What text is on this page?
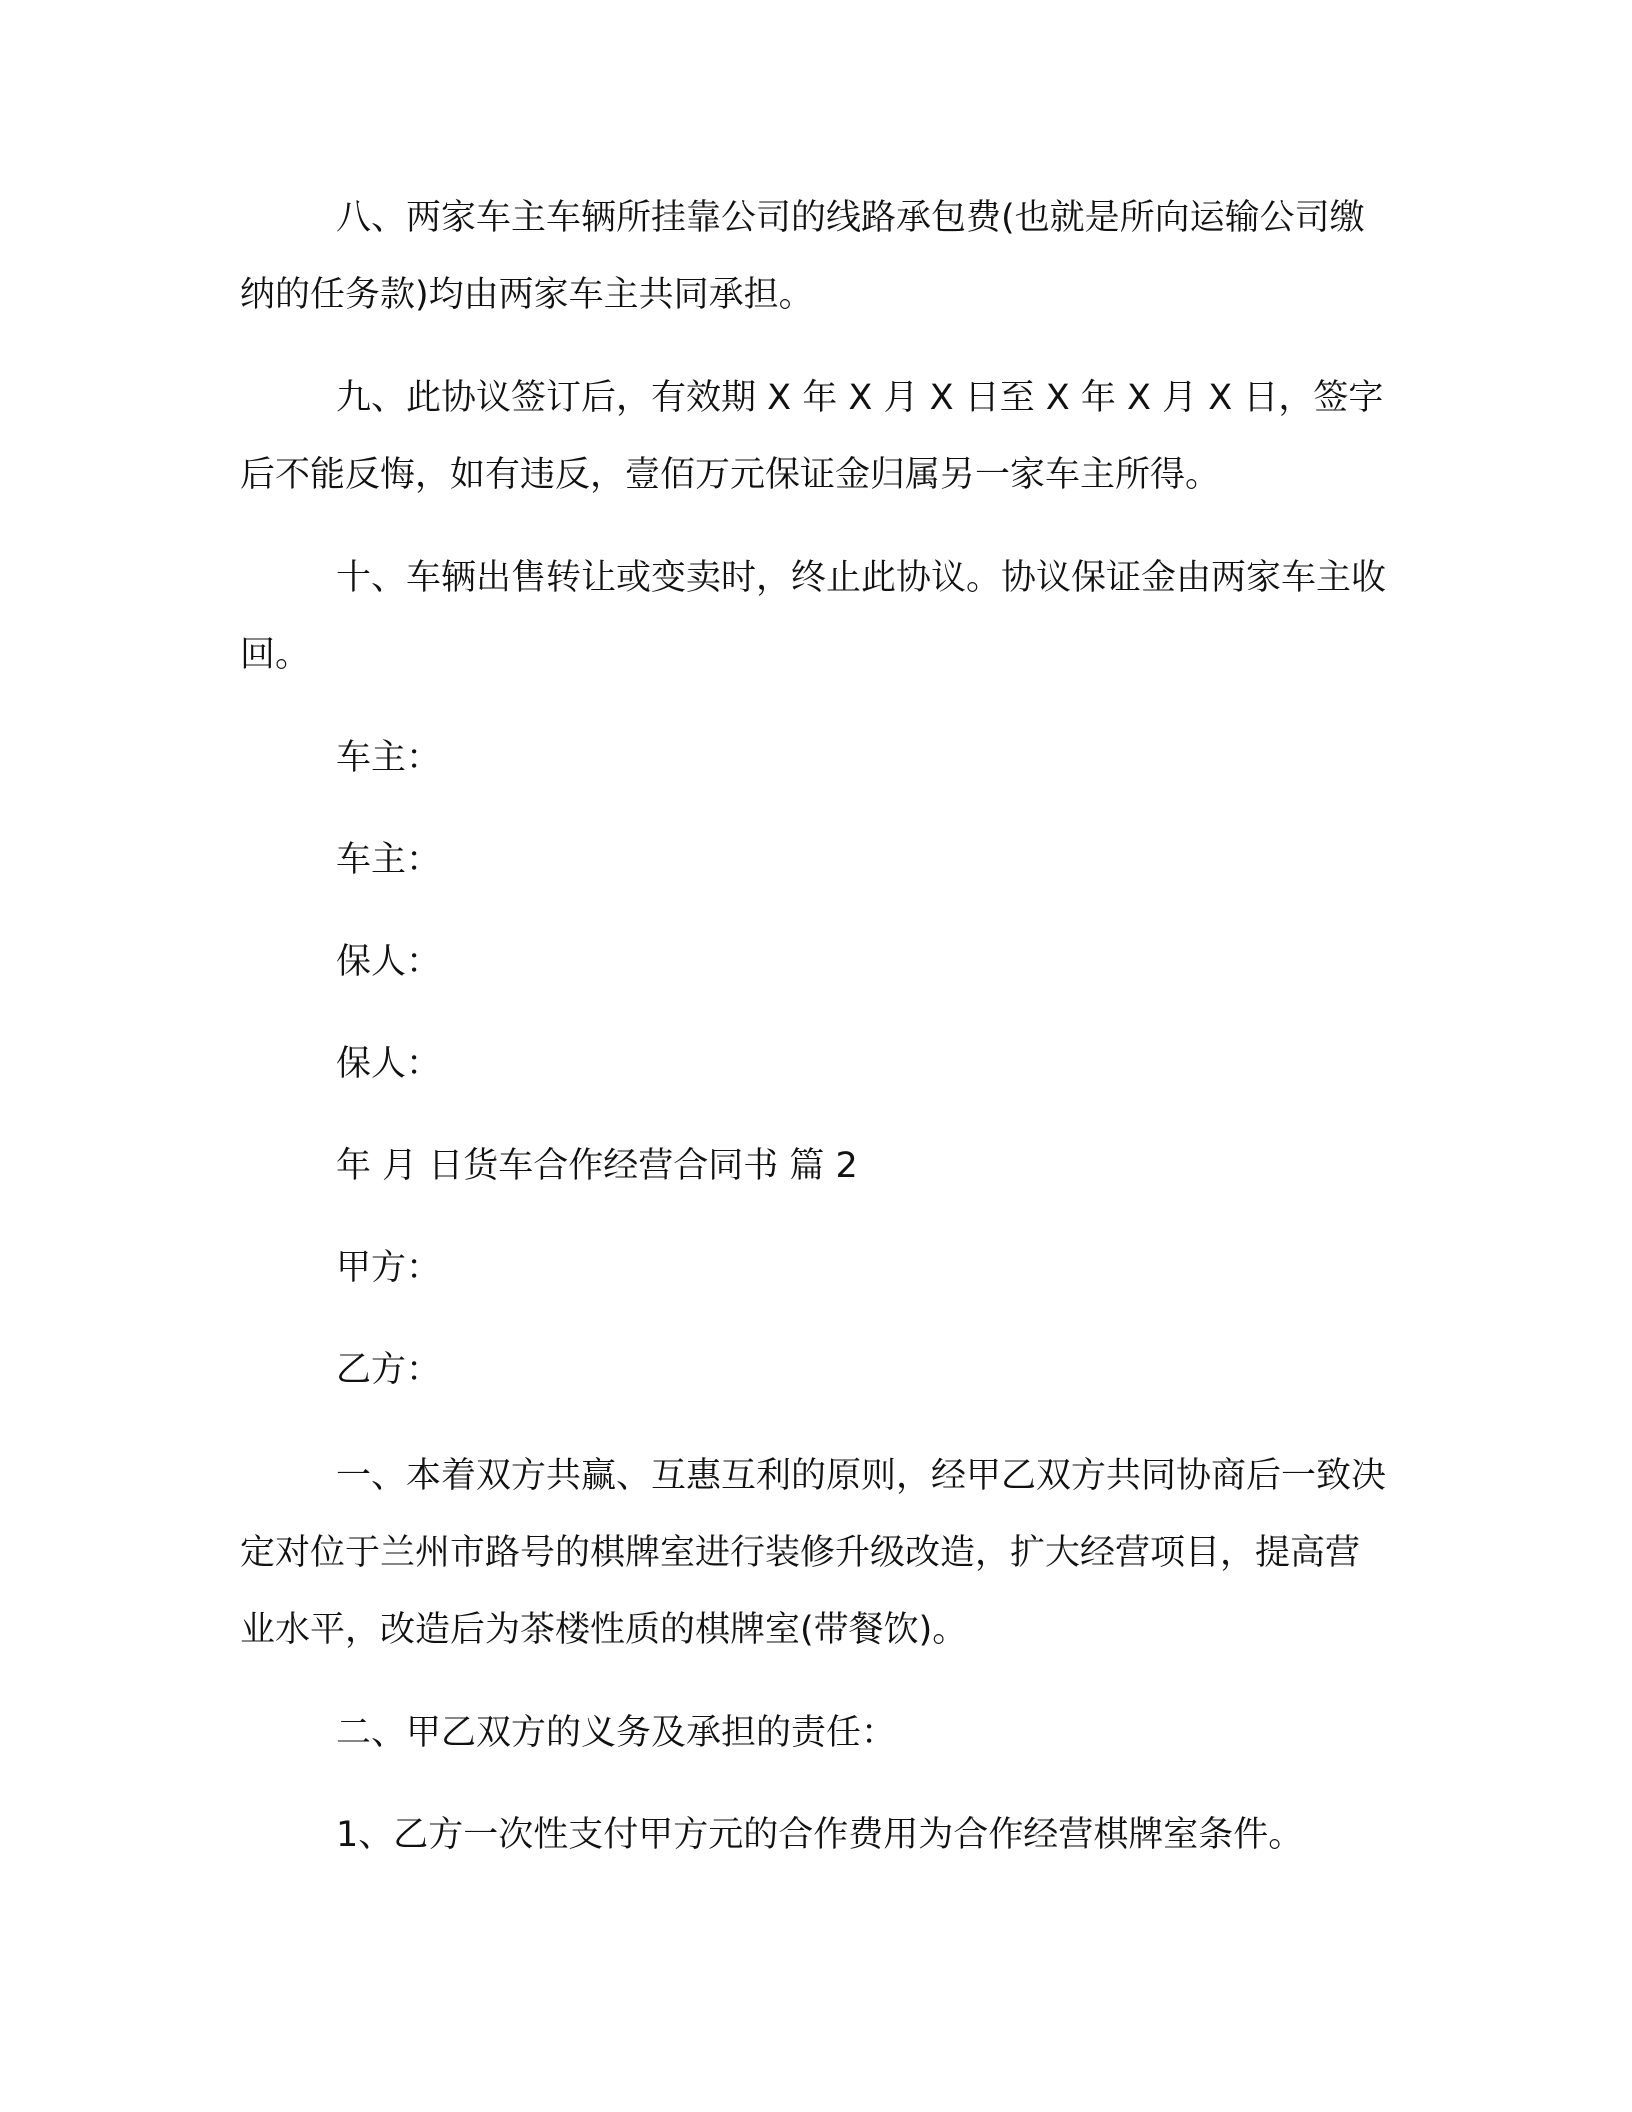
八、两家车主车辆所挂靠公司的线路承包费(也就是所向运输公司缴纳的任务款)均由两家车主共同承担。

九、此协议签订后，有效期 X 年 X 月 X 日至 X 年 X 月 X 日，签字后不能反悔，如有违反，壹佰万元保证金归属另一家车主所得。

十、车辆出售转让或变卖时，终止此协议。协议保证金由两家车主收回。

车主：

车主：

保人：

保人：

年 月 日货车合作经营合同书 篇 2

甲方：

乙方：

一、本着双方共赢、互惠互利的原则，经甲乙双方共同协商后一致决定对位于兰州市路号的棋牌室进行装修升级改造，扩大经营项目，提高营业水平，改造后为茶楼性质的棋牌室(带餐饮)。

二、甲乙双方的义务及承担的责任：

1、乙方一次性支付甲方元的合作费用为合作经营棋牌室条件。
